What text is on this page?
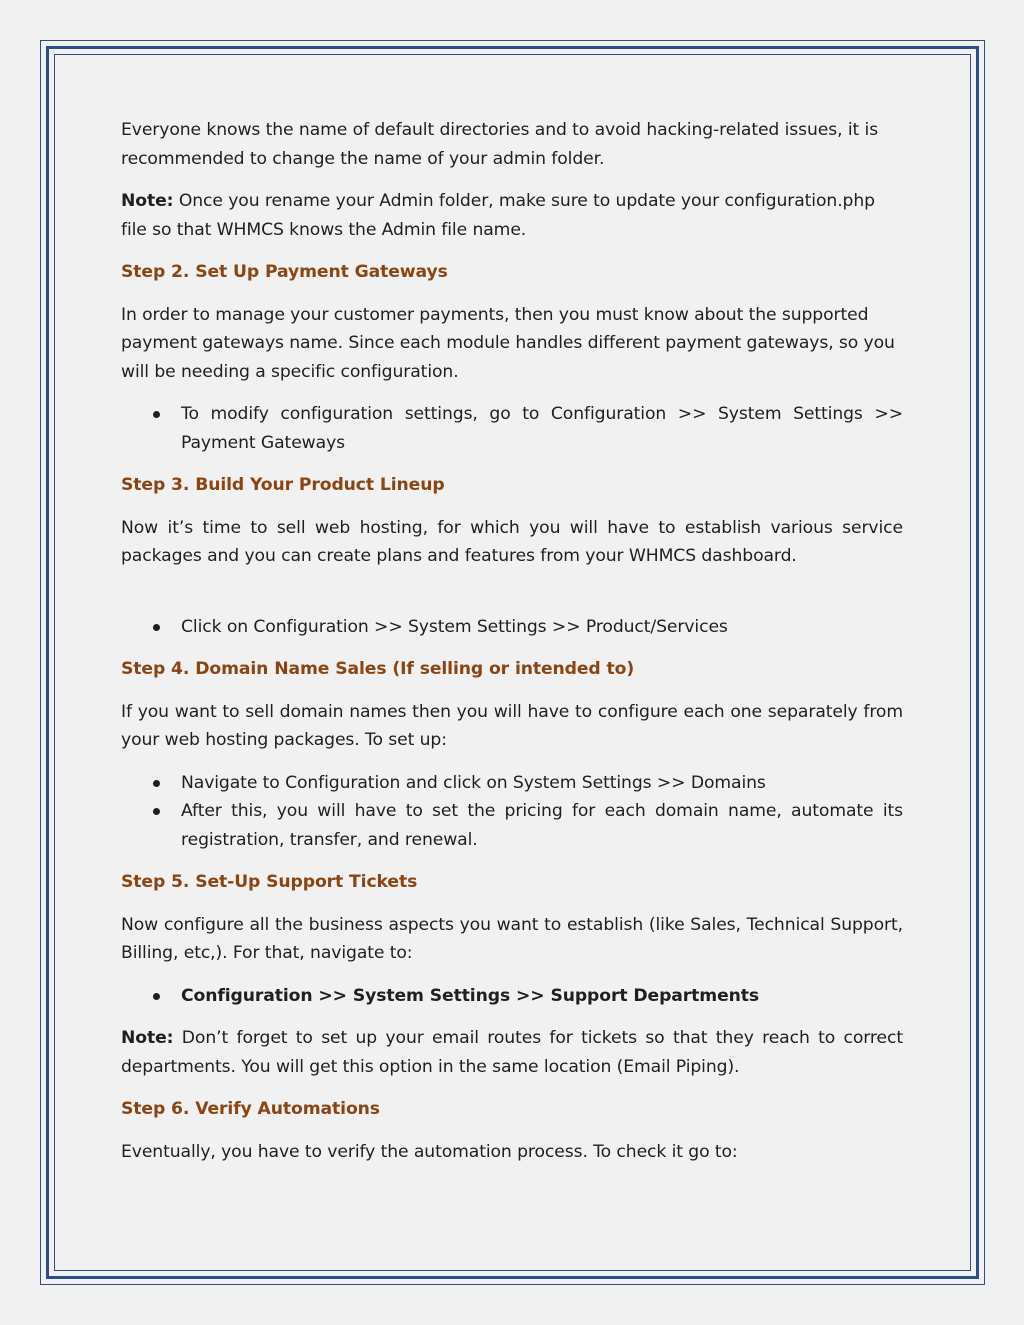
Everyone knows the name of default directories and to avoid hacking-related issues, it is recommended to change the name of your admin folder.

Note: Once you rename your Admin folder, make sure to update your configuration.php file so that WHMCS knows the Admin file name.

Step 2. Set Up Payment Gateways

In order to manage your customer payments, then you must know about the supported payment gateways name. Since each module handles different payment gateways, so you will be needing a specific configuration.

To modify configuration settings, go to Configuration >> System Settings >> Payment Gateways
Step 3. Build Your Product Lineup

Now it’s time to sell web hosting, for which you will have to establish various service packages and you can create plans and features from your WHMCS dashboard.

Click on Configuration >> System Settings >> Product/Services
Step 4. Domain Name Sales (If selling or intended to)

If you want to sell domain names then you will have to configure each one separately from your web hosting packages. To set up:

Navigate to Configuration and click on System Settings >> Domains
After this, you will have to set the pricing for each domain name, automate its registration, transfer, and renewal.
Step 5. Set-Up Support Tickets

Now configure all the business aspects you want to establish (like Sales, Technical Support, Billing, etc,). For that, navigate to:

Configuration >> System Settings >> Support Departments

Note: Don’t forget to set up your email routes for tickets so that they reach to correct departments. You will get this option in the same location (Email Piping).

Step 6. Verify Automations

Eventually, you have to verify the automation process. To check it go to:
